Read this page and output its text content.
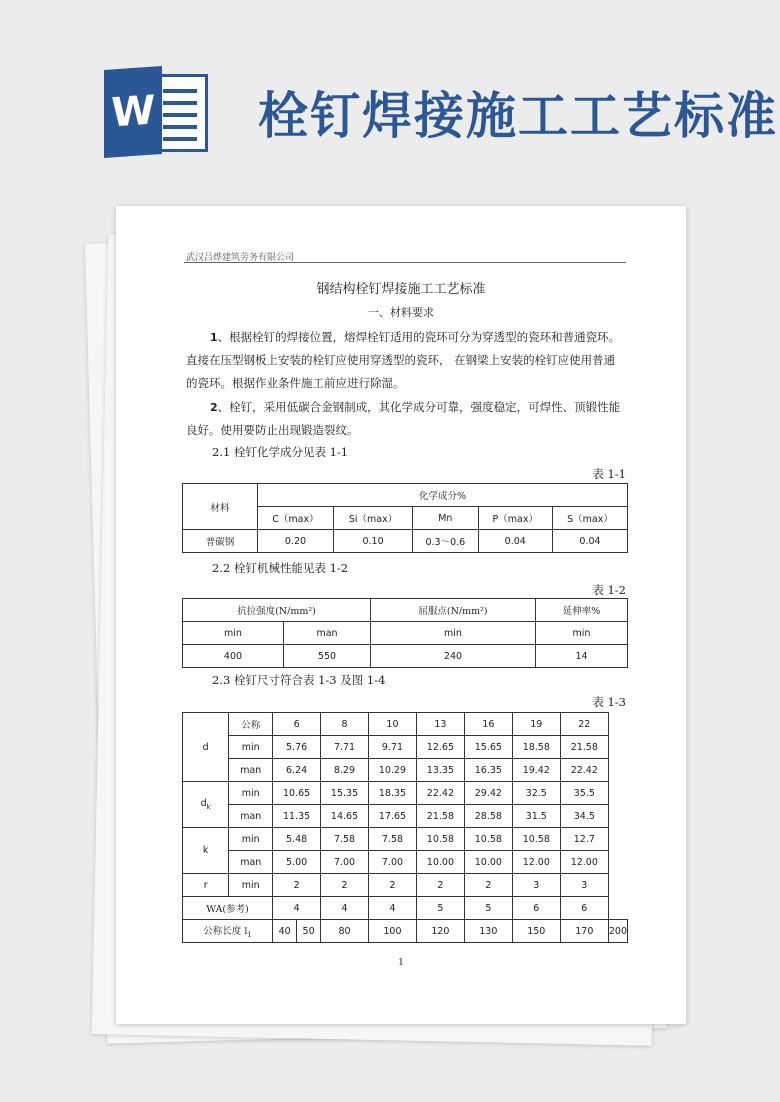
W 栓钉焊接施工工艺标准
武汉吕烨建筑劳务有限公司
钢结构栓钉焊接施工工艺标准
一、材料要求
1、根据栓钉的焊接位置，熔焊栓钉适用的瓷环可分为穿透型的瓷环和普通瓷环。直接在压型钢板上安装的栓钉应使用穿透型的瓷环， 在钢梁上安装的栓钉应使用普通的瓷环。根据作业条件施工前应进行除湿。
2、栓钉，采用低碳合金钢制成，其化学成分可靠，强度稳定，可焊性、顶锻性能良好。使用要防止出现锻造裂纹。
2.1 栓钉化学成分见表 1-1
表 1-1
材料	化学成分%				
	C（max）	Si（max）	Mn	P（max）	S（max）
普碳钢	0.20	0.10	0.3～0.6	0.04	0.04
2.2 栓钉机械性能见表 1-2
表 1-2
抗拉强度(N/mm²)		屈服点(N/mm²)	延伸率%
min	man	min	min
400	550	240	14
2.3 栓钉尺寸符合表 1-3 及图 1-4
表 1-3
d	公称	6		8	10	13	16	19	22	
	min	5.76		7.71	9.71	12.65	15.65	18.58	21.58	
	man	6.24		8.29	10.29	13.35	16.35	19.42	22.42	
$d_k$	min	10.65		15.35	18.35	22.42	29.42	32.5	35.5	
	man	11.35		14.65	17.65	21.58	28.58	31.5	34.5	
k	min	5.48		7.58	7.58	10.58	10.58	10.58	12.7	
	man	5.00		7.00	7.00	10.00	10.00	12.00	12.00	
r	min	2		2	2	2	2	3	3	
WA(参考)		4		4	4	5	5	6	6	
公称长度 $l_1$		40	50	80	100	120	130	150	170	200
1
